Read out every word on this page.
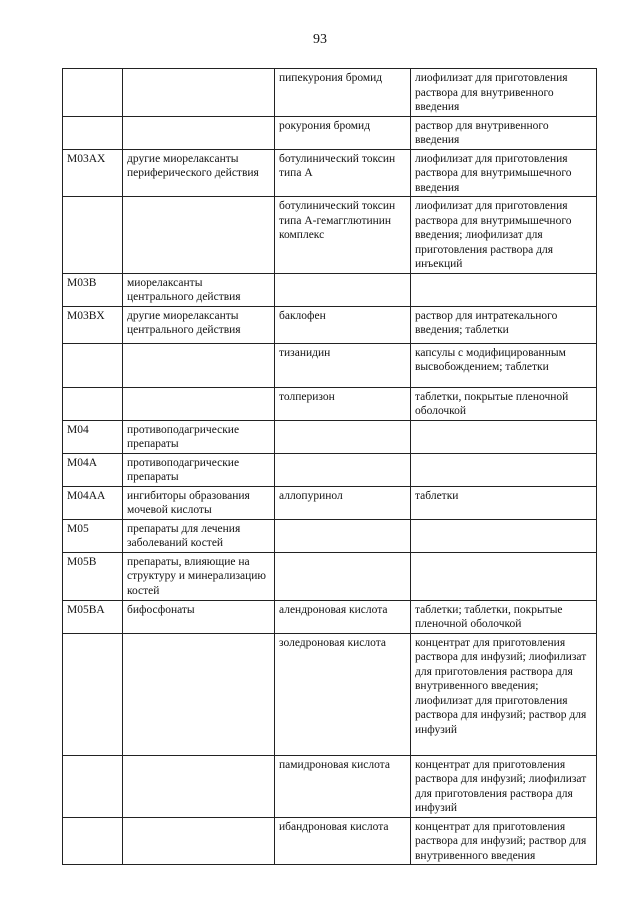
93
		пипекурония бромид	лиофилизат для приготовления раствора для внутривенного введения
		рокурония бромид	раствор для внутривенного введения
M03AX	другие миорелаксанты периферического действия	ботулинический токсин типа А	лиофилизат для приготовления раствора для внутримышечного введения
		ботулинический токсин типа А-гемагглютинин комплекс	лиофилизат для приготовления раствора для внутримышечного введения; лиофилизат для приготовления раствора для инъекций
M03B	миорелаксанты центрального действия		
M03BX	другие миорелаксанты центрального действия	баклофен	раствор для интратекального введения; таблетки
		тизанидин	капсулы с модифицированным высвобождением; таблетки
		толперизон	таблетки, покрытые пленочной оболочкой
M04	противоподагрические препараты		
M04A	противоподагрические препараты		
M04AA	ингибиторы образования мочевой кислоты	аллопуринол	таблетки
M05	препараты для лечения заболеваний костей		
M05B	препараты, влияющие на структуру и минерализацию костей		
M05BA	бифосфонаты	алендроновая кислота	таблетки; таблетки, покрытые пленочной оболочкой
		золедроновая кислота	концентрат для приготовления раствора для инфузий; лиофилизат для приготовления раствора для внутривенного введения; лиофилизат для приготовления раствора для инфузий; раствор для инфузий
		памидроновая кислота	концентрат для приготовления раствора для инфузий; лиофилизат для приготовления раствора для инфузий
		ибандроновая кислота	концентрат для приготовления раствора для инфузий; раствор для внутривенного введения
